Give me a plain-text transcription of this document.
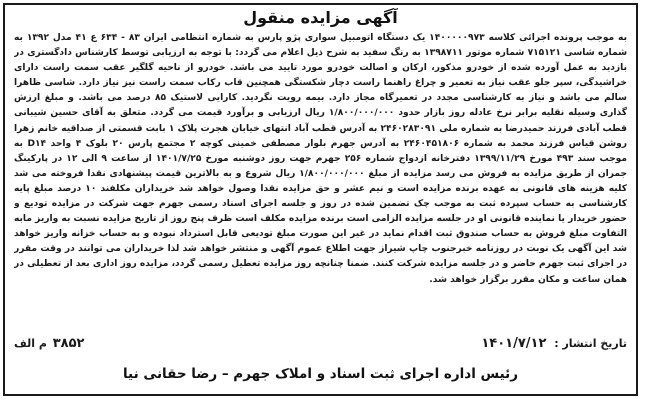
آگهی مزایده منقول
به موجب پرونده اجرائی کلاسه ۱۴۰۰۰۰۰۹۷۳ یک دستگاه اتومبیل سواری پژو پارس به شماره انتظامی ایران ۸۳ - ۶۳۴ ع ۴۱ مدل ۱۳۹۲ به شماره شاسی ۷۱۵۱۲۱ شماره موتور ۱۳۹۸۷۱۱ به رنگ سفید به شرح ذیل اعلام می گردد: با توجه به ارزیابی توسط کارشناس دادگستری در بازدید به عمل آورده شده از خودرو مذکور، ارکان و اصالت خودرو مورد تایید می باشد. خودرو از ناحیه گلگیر عقب سمت راست دارای خراشیدگی، سپر جلو عقب نیاز به تعمیر و چراغ راهنما راست دچار شکستگی همچنین قاب رکاب سمت راست نیز نیاز دارد. شاسی ظاهرا سالم می باشد و نیاز به کارشناسی مجدد در تعمیرگاه مجاز دارد. بیمه رویت نگردید. کارایی لاستیک ۸۵ درصد می باشد. و مبلغ ارزش گذاری وسیله نقلیه برابر نرخ عادله روز بازار حدود ۱/۸۰۰/۰۰۰/۰۰۰ ریال ارزیابی و برآورد قیمت می گردد. متعلق به آقای حسین شیبانی قطب آبادی فرزند حمیدرضا به شماره ملی ۲۴۶۰۲۸۳۰۹۱ به آدرس قطب آباد انتهای خیابان هجرت پلاک ۱ بابت قسمتی از صداقیه خانم زهرا روشن قیاس فرزند محمد به شماره ۲۴۶۰۴۵۱۸۰۶ به آدرس جهرم بلوار مصطفی خمینی کوچه ۲ مجتمع پارس ۲۰ بلوک ۴ واحد D۱۴ به موجب سند ۴۹۳ مورخ ۱۳۹۹/۱۱/۲۹ دفترخانه ازدواج شماره ۲۵۶ جهرم جهت روز دوشنبه مورخ ۱۴۰۱/۷/۲۵ از ساعت ۹ الی ۱۲ در پارکینگ جمران از طریق مزایده به فروش می رسد مزایده از مبلغ ۱/۸۰۰/۰۰۰/۰۰۰ ریال شروع و به بالاترین قیمت پیشنهادی نقدا فروخته می شد کلیه هزینه های قانونی به عهده برنده مزایده است و نیم عشر و حق مزایده نقدا وصول خواهد شد خریداران مکلفند ۱۰ درصد مبلغ پایه کارشناسی به حساب سپرده ثبت به موجب چک تضمین شده در روز و جلسه اجرای اسناد رسمی جهرم جهت شرکت در مزایده تودیع و حضور خریدار یا نماینده قانونی او در جلسه مزایده الزامی است برنده مزایده مکلف است ظرف پنج روز از تاریخ مزایده نسبت به واریز مابه التفاوت مبلغ فروش به حساب صندوق ثبت اقدام نماید در غیر این صورت مبلغ تودیعی قابل استرداد نبوده و به حساب خزانه واریز خواهد شد این آگهی یک نوبت در روزنامه خبرجنوب چاپ شیراز جهت اطلاع عموم آگهی و منتشر خواهد شد لذا خریداران می توانند در وقت مقرر در اجرای ثبت جهرم حاضر و در جلسه مزایده شرکت کنند. ضمنا چنانچه روز مزایده تعطیل رسمی گردد، مزایده روز اداری بعد از تعطیلی در همان ساعت و مکان مقرر برگزار خواهد شد.
تاریخ انتشار : ۱۴۰۱/۷/۱۲
۳۸۵۲ م الف
رئیس اداره اجرای ثبت اسناد و املاک جهرم – رضا حقانی نیا
